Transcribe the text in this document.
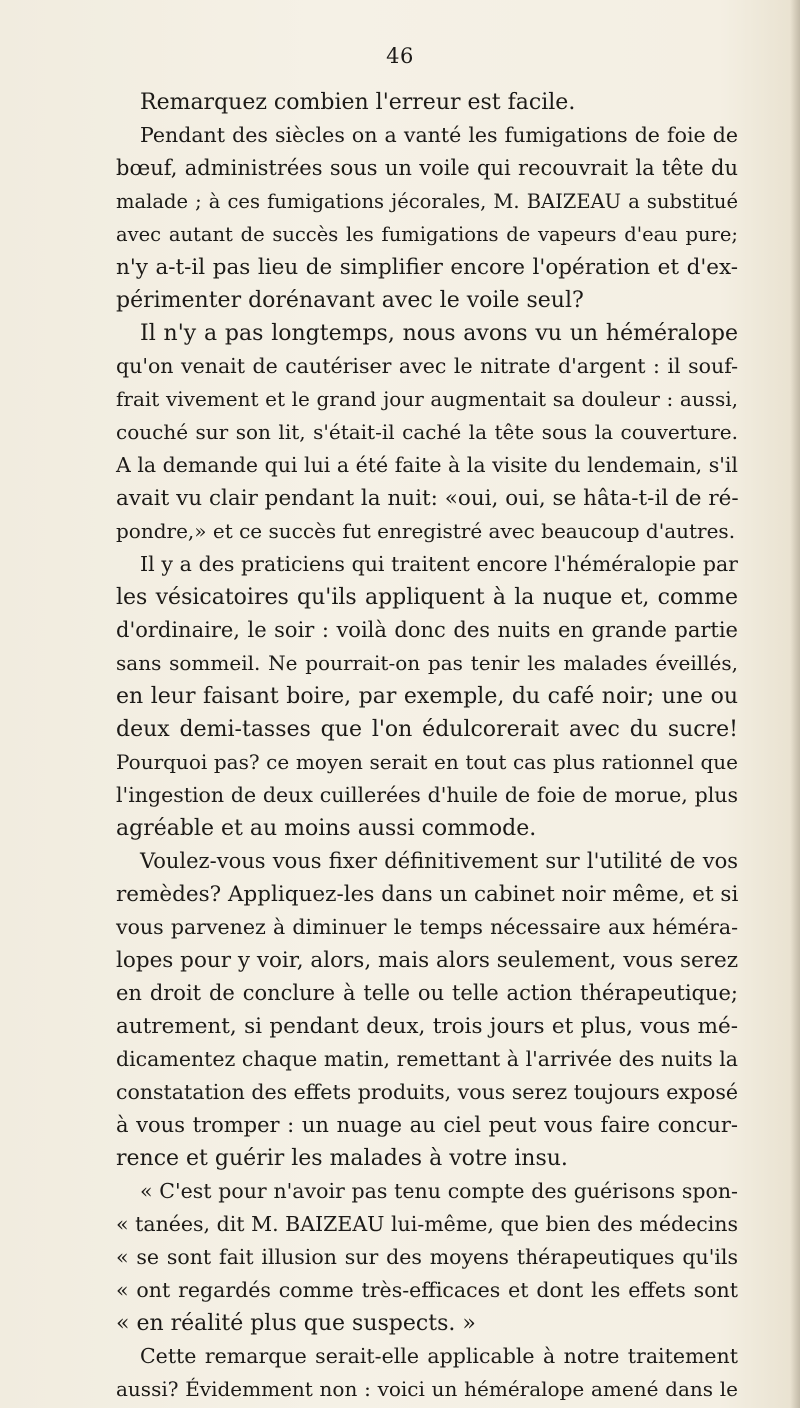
46
Remarquez combien l'erreur est facile.
Pendant des siècles on a vanté les fumigations de foie de
bœuf, administrées sous un voile qui recouvrait la tête du
malade ; à ces fumigations jécorales, M. BAIZEAU a substitué
avec autant de succès les fumigations de vapeurs d'eau pure;
n'y a-t-il pas lieu de simplifier encore l'opération et d'ex-
périmenter dorénavant avec le voile seul?
Il n'y a pas longtemps, nous avons vu un héméralope
qu'on venait de cautériser avec le nitrate d'argent : il souf-
frait vivement et le grand jour augmentait sa douleur : aussi,
couché sur son lit, s'était-il caché la tête sous la couverture.
A la demande qui lui a été faite à la visite du lendemain, s'il
avait vu clair pendant la nuit: «oui, oui, se hâta-t-il de ré-
pondre,» et ce succès fut enregistré avec beaucoup d'autres.
Il y a des praticiens qui traitent encore l'héméralopie par
les vésicatoires qu'ils appliquent à la nuque et, comme
d'ordinaire, le soir : voilà donc des nuits en grande partie
sans sommeil. Ne pourrait-on pas tenir les malades éveillés,
en leur faisant boire, par exemple, du café noir; une ou
deux demi-tasses que l'on édulcorerait avec du sucre!
Pourquoi pas? ce moyen serait en tout cas plus rationnel que
l'ingestion de deux cuillerées d'huile de foie de morue, plus
agréable et au moins aussi commode.
Voulez-vous vous fixer définitivement sur l'utilité de vos
remèdes? Appliquez-les dans un cabinet noir même, et si
vous parvenez à diminuer le temps nécessaire aux héméra-
lopes pour y voir, alors, mais alors seulement, vous serez
en droit de conclure à telle ou telle action thérapeutique;
autrement, si pendant deux, trois jours et plus, vous mé-
dicamentez chaque matin, remettant à l'arrivée des nuits la
constatation des effets produits, vous serez toujours exposé
à vous tromper : un nuage au ciel peut vous faire concur-
rence et guérir les malades à votre insu.
« C'est pour n'avoir pas tenu compte des guérisons spon-
« tanées, dit M. BAIZEAU lui-même, que bien des médecins
« se sont fait illusion sur des moyens thérapeutiques qu'ils
« ont regardés comme très-efficaces et dont les effets sont
« en réalité plus que suspects. »
Cette remarque serait-elle applicable à notre traitement
aussi? Évidemment non : voici un héméralope amené dans le
